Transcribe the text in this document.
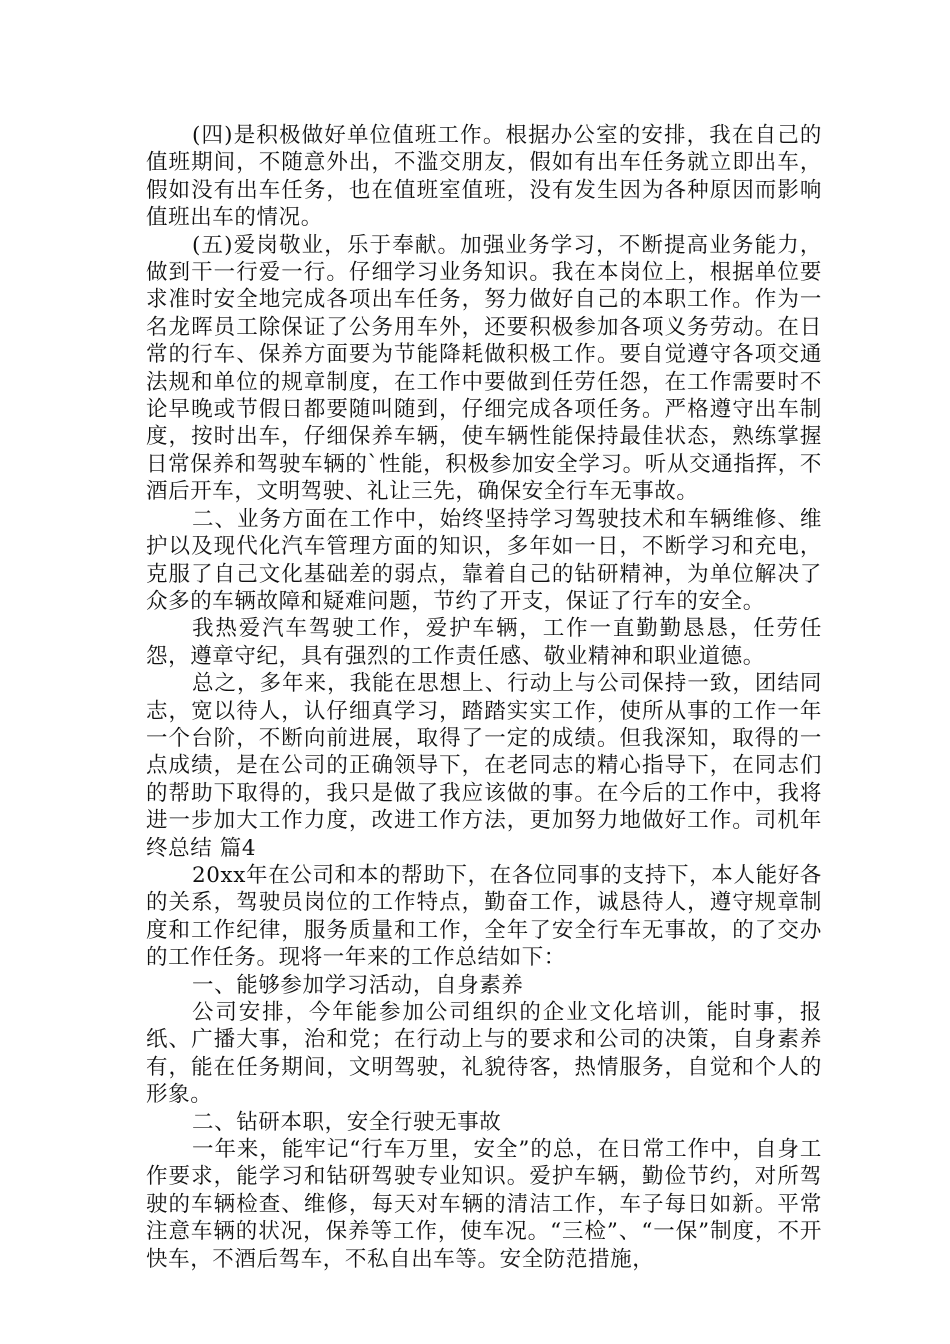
(四)是积极做好单位值班工作。根据办公室的安排，我在自己的值班期间，不随意外出，不滥交朋友，假如有出车任务就立即出车，假如没有出车任务，也在值班室值班，没有发生因为各种原因而影响值班出车的情况。

(五)爱岗敬业，乐于奉献。加强业务学习，不断提高业务能力，做到干一行爱一行。仔细学习业务知识。我在本岗位上，根据单位要求准时安全地完成各项出车任务，努力做好自己的本职工作。作为一名龙晖员工除保证了公务用车外，还要积极参加各项义务劳动。在日常的行车、保养方面要为节能降耗做积极工作。要自觉遵守各项交通法规和单位的规章制度，在工作中要做到任劳任怨，在工作需要时不论早晚或节假日都要随叫随到，仔细完成各项任务。严格遵守出车制度，按时出车，仔细保养车辆，使车辆性能保持最佳状态，熟练掌握日常保养和驾驶车辆的`性能，积极参加安全学习。听从交通指挥，不酒后开车，文明驾驶、礼让三先，确保安全行车无事故。

二、业务方面在工作中，始终坚持学习驾驶技术和车辆维修、维护以及现代化汽车管理方面的知识，多年如一日，不断学习和充电，克服了自己文化基础差的弱点，靠着自己的钻研精神，为单位解决了众多的车辆故障和疑难问题，节约了开支，保证了行车的安全。

我热爱汽车驾驶工作，爱护车辆，工作一直勤勤恳恳，任劳任怨，遵章守纪，具有强烈的工作责任感、敬业精神和职业道德。

总之，多年来，我能在思想上、行动上与公司保持一致，团结同志，宽以待人，认仔细真学习，踏踏实实工作，使所从事的工作一年一个台阶，不断向前进展，取得了一定的成绩。但我深知，取得的一点成绩，是在公司的正确领导下，在老同志的精心指导下，在同志们的帮助下取得的，我只是做了我应该做的事。在今后的工作中，我将进一步加大工作力度，改进工作方法，更加努力地做好工作。司机年终总结 篇4

20xx年在公司和本的帮助下，在各位同事的支持下，本人能好各的关系，驾驶员岗位的工作特点，勤奋工作，诚恳待人，遵守规章制度和工作纪律，服务质量和工作，全年了安全行车无事故，的了交办的工作任务。现将一年来的工作总结如下：

一、能够参加学习活动，自身素养

公司安排，今年能参加公司组织的企业文化培训，能时事，报纸、广播大事，治和党；在行动上与的要求和公司的决策，自身素养有，能在任务期间，文明驾驶，礼貌待客，热情服务，自觉和个人的形象。

二、钻研本职，安全行驶无事故

一年来，能牢记“行车万里，安全”的总，在日常工作中，自身工作要求，能学习和钻研驾驶专业知识。爱护车辆，勤俭节约，对所驾驶的车辆检查、维修，每天对车辆的清洁工作，车子每日如新。平常注意车辆的状况，保养等工作，使车况。“三检”、“一保”制度，不开快车，不酒后驾车，不私自出车等。安全防范措施，
